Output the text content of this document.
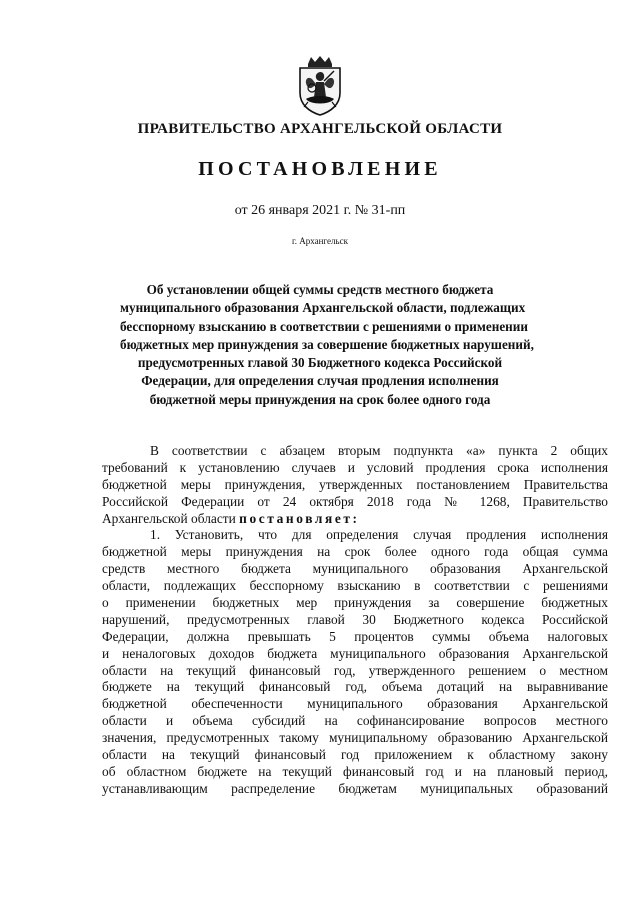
ПРАВИТЕЛЬСТВО АРХАНГЕЛЬСКОЙ ОБЛАСТИ
ПОСТАНОВЛЕНИЕ
от 26 января 2021 г. № 31-пп
г. Архангельск
Об установлении общей суммы средств местного бюджета
муниципального образования Архангельской области, подлежащих
бесспорному взысканию в соответствии с решениями о применении
бюджетных мер принуждения за совершение бюджетных нарушений,
предусмотренных главой 30 Бюджетного кодекса Российской
Федерации, для определения случая продления исполнения
бюджетной меры принуждения на срок более одного года
В соответствии с абзацем вторым подпункта «а» пункта 2 общих
требований к установлению случаев и условий продления срока исполнения
бюджетной меры принуждения, утвержденных постановлением Правительства
Российской Федерации от 24 октября 2018 года № 1268, Правительство
Архангельской области постановляет:
1. Установить, что для определения случая продления исполнения
бюджетной меры принуждения на срок более одного года общая сумма
средств местного бюджета муниципального образования Архангельской
области, подлежащих бесспорному взысканию в соответствии с решениями
о применении бюджетных мер принуждения за совершение бюджетных
нарушений, предусмотренных главой 30 Бюджетного кодекса Российской
Федерации, должна превышать 5 процентов суммы объема налоговых
и неналоговых доходов бюджета муниципального образования Архангельской
области на текущий финансовый год, утвержденного решением о местном
бюджете на текущий финансовый год, объема дотаций на выравнивание
бюджетной обеспеченности муниципального образования Архангельской
области и объема субсидий на софинансирование вопросов местного
значения, предусмотренных такому муниципальному образованию Архангельской
области на текущий финансовый год приложением к областному закону
об областном бюджете на текущий финансовый год и на плановый период,
устанавливающим распределение бюджетам муниципальных образований
